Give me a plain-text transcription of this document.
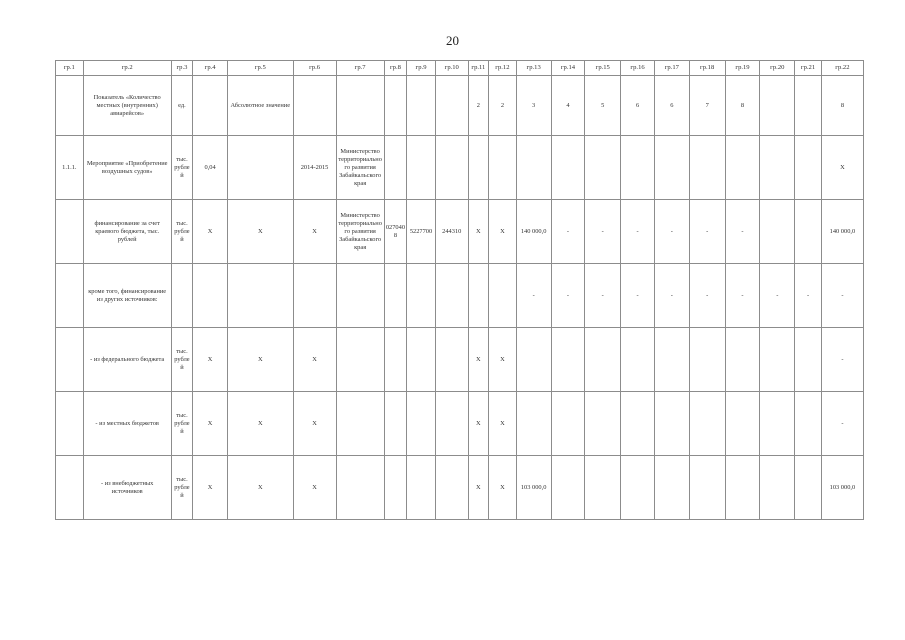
20
гр.1	гр.2	гр.3	гр.4	гр.5	гр.6	гр.7	гр.8	гр.9	гр.10	гр.11	гр.12	гр.13	гр.14	гр.15	гр.16	гр.17	гр.18	гр.19	гр.20	гр.21	гр.22
	Показатель «Количество местных (внутренних) авиарейсов»	ед.		Абсолютное значение						2	2	3	4	5	6	6	7	8			8
1.1.1.	Мероприятие «Приобретение воздушных судов»	тыс. рублей	0,04		2014-2015	Министерство территориального развития Забайкальского края															Х
	финансирование за счет краевого бюджета, тыс. рублей	тыс. рублей	Х	Х	Х	Министерство территориального развития Забайкальского края	0270408	5227700	244310	Х	Х	140 000,0	-	-	-	-	-	-			140 000,0
	кроме того, финансирование из других источников:											-	-	-	-	-	-	-	-	-	-
	- из федерального бюджета	тыс. рублей	Х	Х	Х					Х	Х										-
	- из местных бюджетов	тыс. рублей	Х	Х	Х					Х	Х										-
	- из внебюджетных источников	тыс. рублей	Х	Х	Х					Х	Х	103 000,0									103 000,0
